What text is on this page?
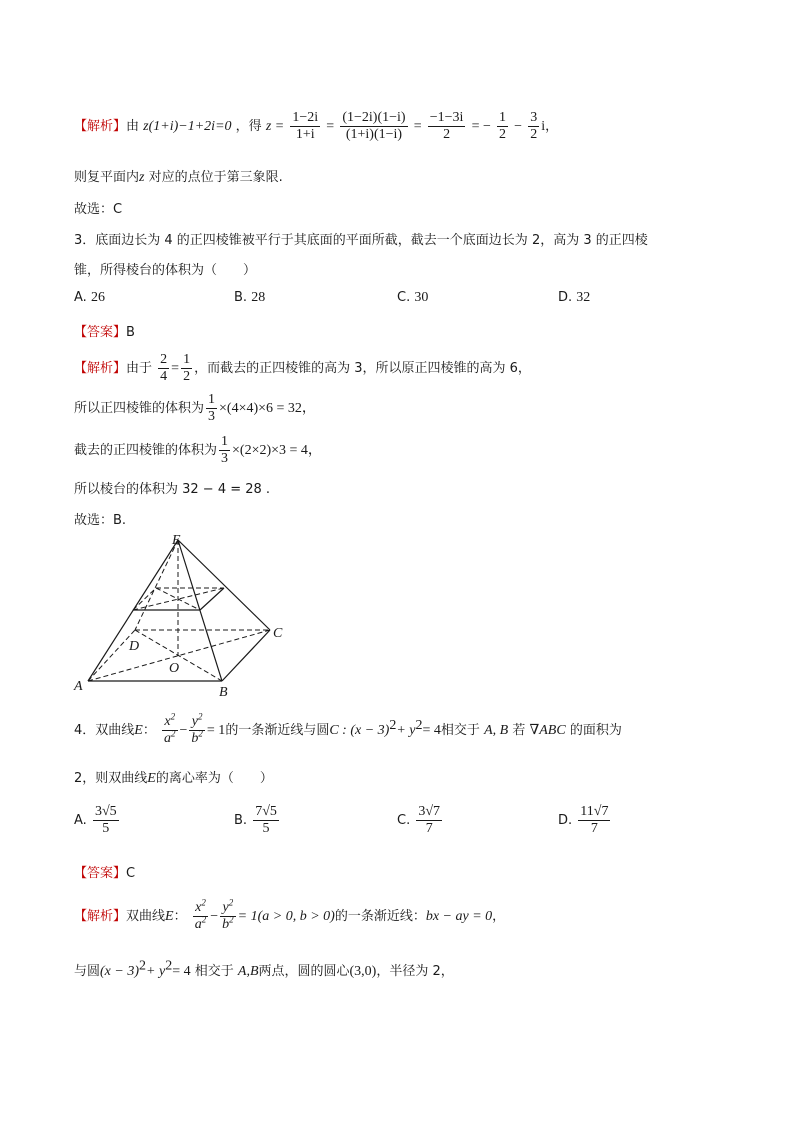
【解析】由 z(1+i)−1+2i=0 ，得 $z = \frac{1-2i}{1+i} = \frac{(1-2i)(1-i)}{(1+i)(1-i)} = \frac{-1-3i}{2}$ = − $\frac{1}{2} - \frac{3}{2}$ i，
则复平面内z 对应的点位于第三象限.
故选：C
3．底面边长为 4 的正四棱锥被平行于其底面的平面所截，截去一个底面边长为 2，高为 3 的正四棱
锥，所得棱台的体积为（　　）
A. 26	B. 28	C. 30	D. 32
【答案】B
【解析】由于 $\frac{2}{4} = \frac{1}{2}$ ，而截去的正四棱锥的高为 3，所以原正四棱锥的高为 6，
所以正四棱锥的体积为 $\frac{1}{3} \times(4\times 4)\times 6 = 32$，
截去的正四棱锥的体积为 $\frac{1}{3} \times(2\times 2)\times 3 = 4$，
所以棱台的体积为 32 − 4 = 28 .
故选：B.
E
C
D
O
A	B
4．双曲线E： $\frac{x^2}{a^2} - \frac{y^2}{b^2} = 1$的一条渐近线与圆C : $(x - 3)^2+ y^2= 4$相交于 A, B 若 ∇ABC 的面积为
2，则双曲线E的离心率为（　　）
A. $\frac{3√5}{5}$	B. $\frac{7√5}{5}$	C. $\frac{3√7}{7}$	D. $\frac{11√7}{7}$
【答案】C
【解析】双曲线E： $\frac{x^2}{a^2} - \frac{y^2}{b^2} = 1(a > 0$, b > 0)的一条渐近线：bx − ay = 0，
与圆$(x - 3)^2+ y^2= 4$ 相交于 A,B两点，圆的圆心(3,0)，半径为 2，
